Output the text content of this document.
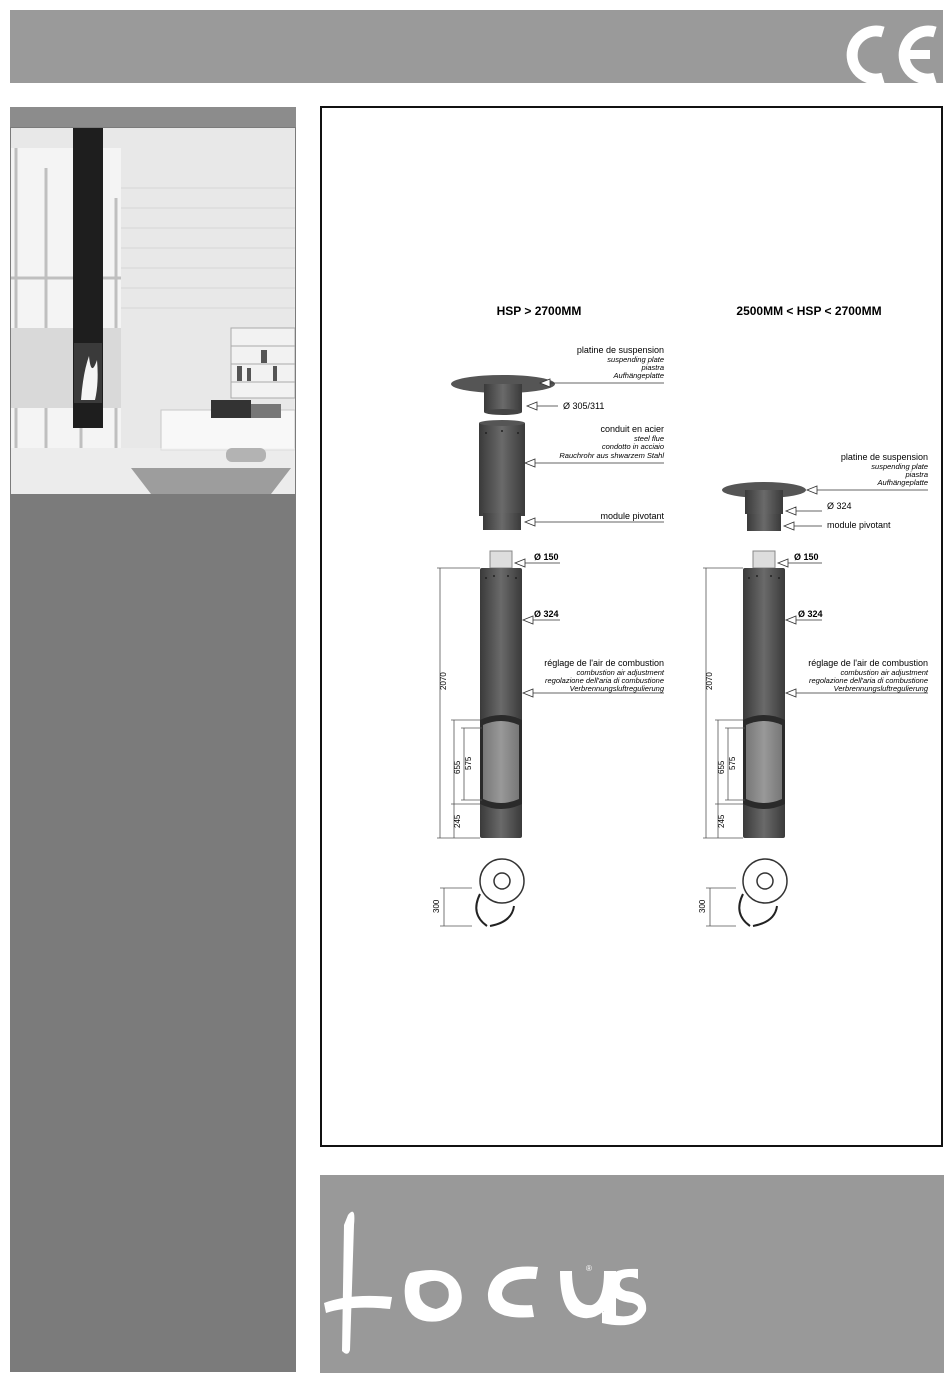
HSP > 2700MM
2070
655 575
245
300
platine de suspension
suspending plate
piastra
Aufhängeplatte
Ø 305/311
conduit en acier
steel flue
condotto in acciaio
Rauchrohr aus shwarzem Stahl
module pivotant
Ø 150
Ø 324
réglage de l'air de combustion
combustion air adjustment
regolazione dell'aria di combustione
Verbrennungsluftregulierung
2500MM < HSP < 2700MM
2070
655 575
245
300
platine de suspension
suspending plate
piastra
Aufhängeplatte
Ø 324
module pivotant
Ø 150
Ø 324
réglage de l'air de combustion
combustion air adjustment
regolazione dell'aria di combustione
Verbrennungsluftregulierung
®
